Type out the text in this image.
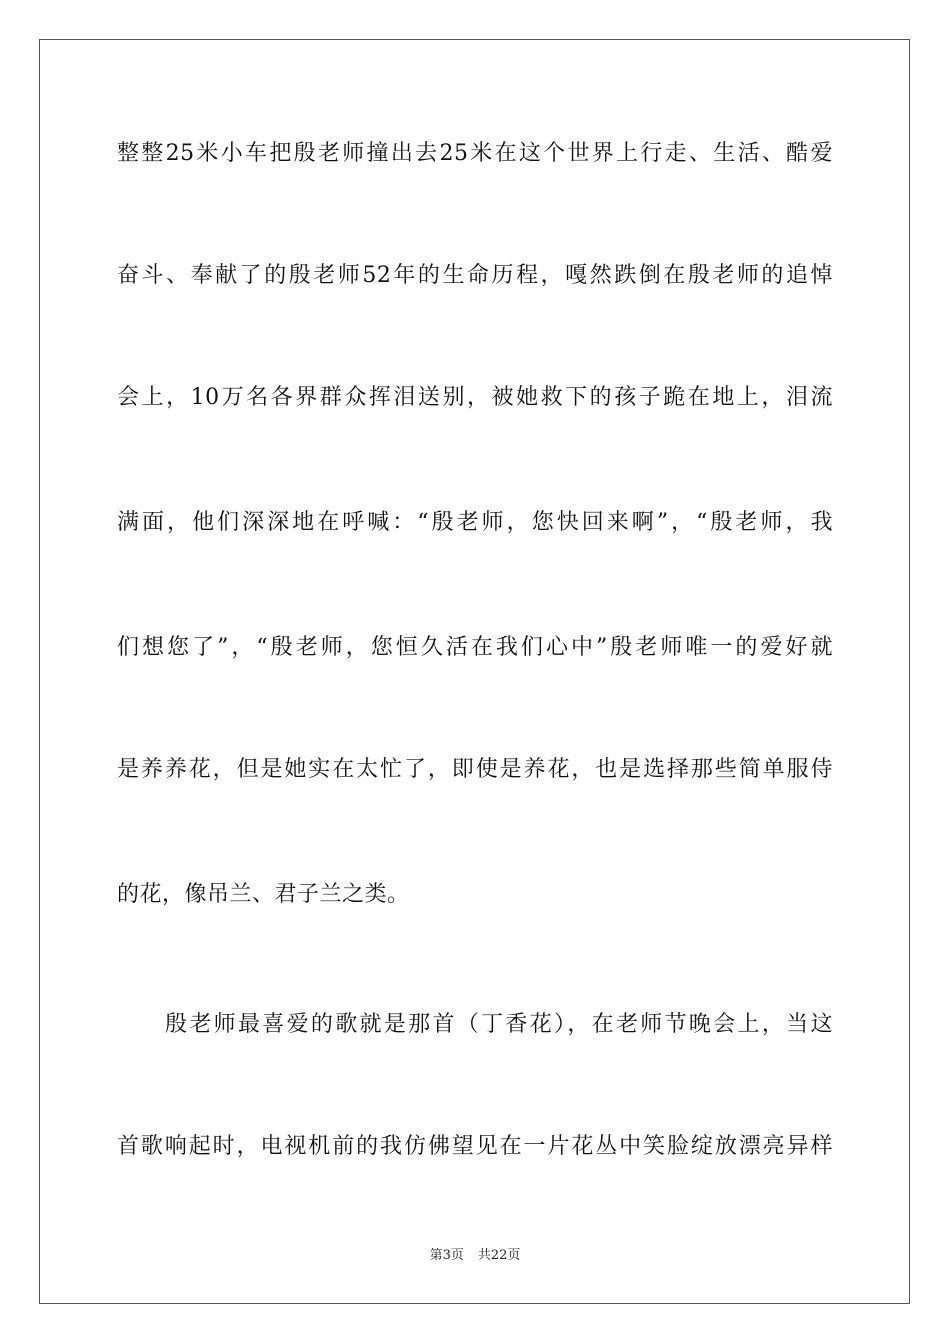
整整25米小车把殷老师撞出去25米在这个世界上行走、生活、酷爱
奋斗、奉献了的殷老师52年的生命历程，嘎然跌倒在殷老师的追悼
会上，10万名各界群众挥泪送别，被她救下的孩子跪在地上，泪流
满面，他们深深地在呼喊：“殷老师，您快回来啊”，“殷老师，我
们想您了”，“殷老师，您恒久活在我们心中”殷老师唯一的爱好就
是养养花，但是她实在太忙了，即使是养花，也是选择那些简单服侍
的花，像吊兰、君子兰之类。
殷老师最喜爱的歌就是那首（丁香花），在老师节晚会上，当这
首歌响起时，电视机前的我仿佛望见在一片花丛中笑脸绽放漂亮异样
第3页 共22页
